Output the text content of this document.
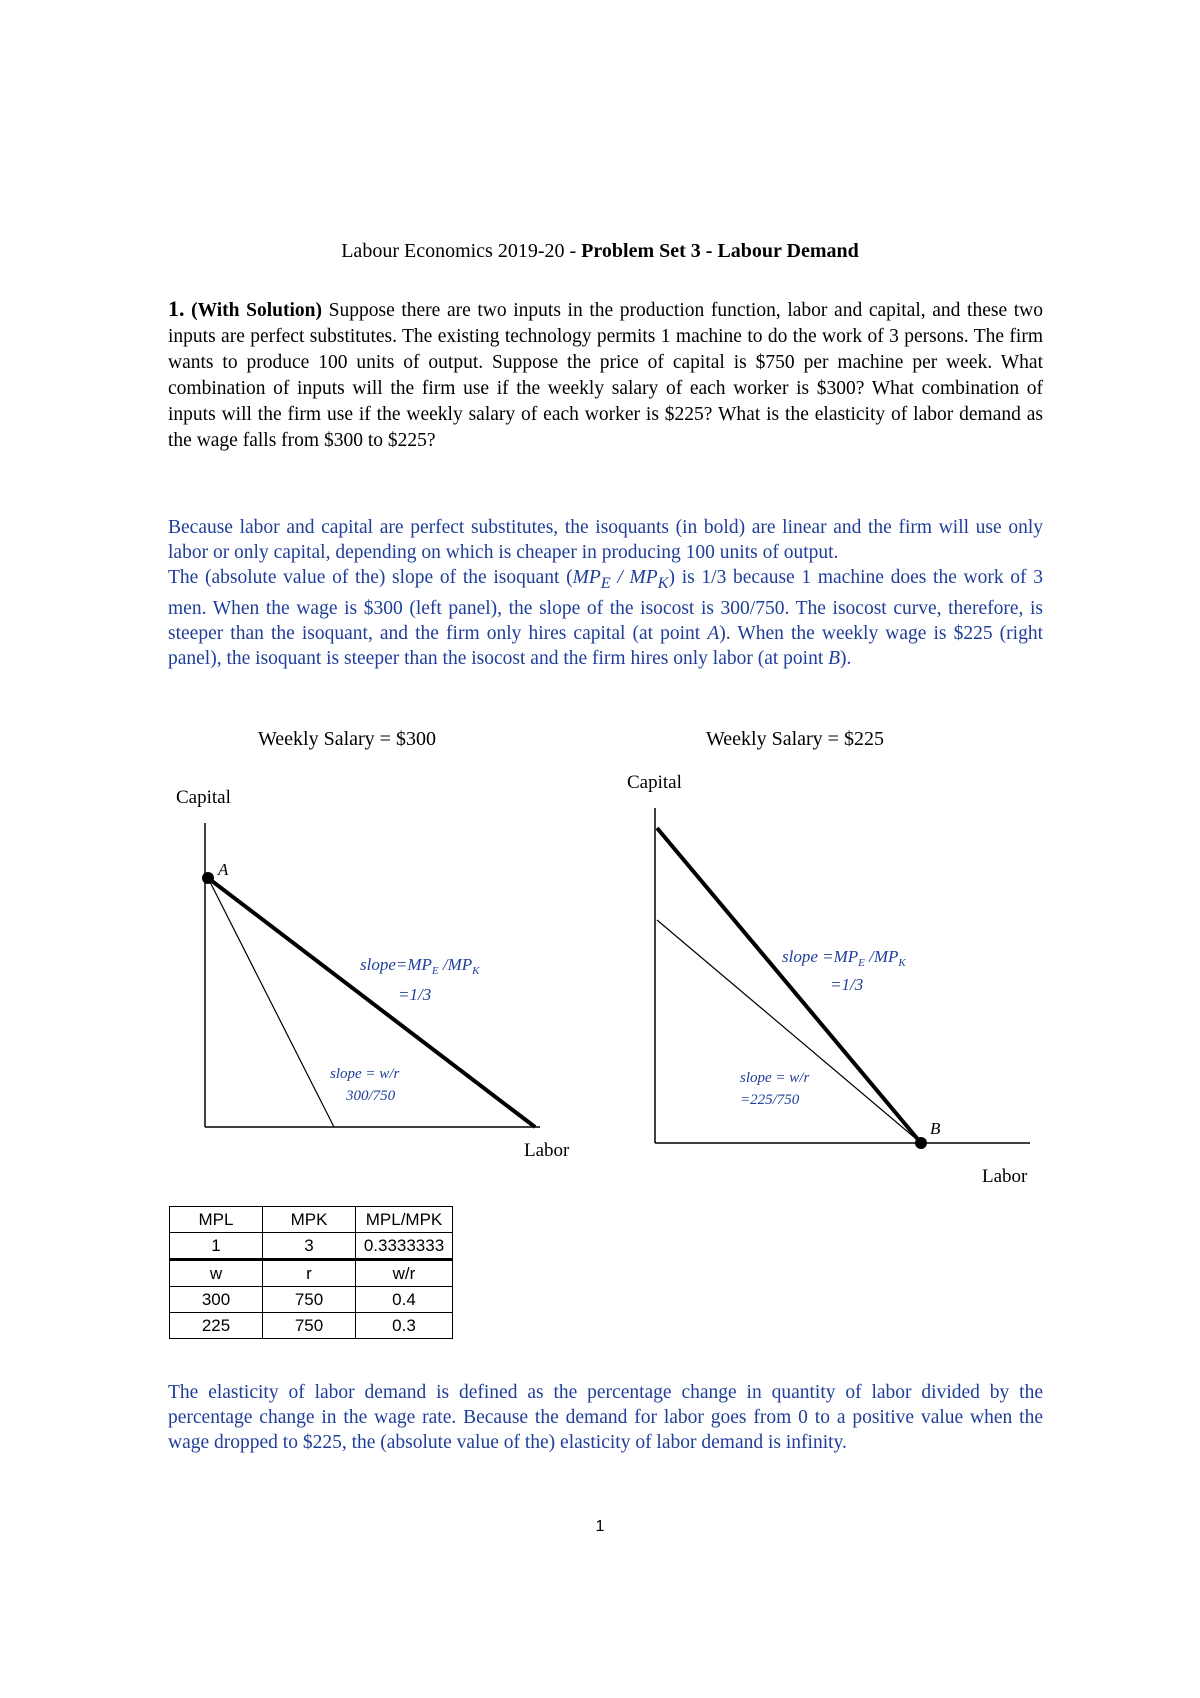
Labour Economics 2019-20 - Problem Set 3 - Labour Demand
1. (With Solution) Suppose there are two inputs in the production function, labor and capital, and these two inputs are perfect substitutes. The existing technology permits 1 machine to do the work of 3 persons. The firm wants to produce 100 units of output. Suppose the price of capital is $750 per machine per week. What combination of inputs will the firm use if the weekly salary of each worker is $300? What combination of inputs will the firm use if the weekly salary of each worker is $225? What is the elasticity of labor demand as the wage falls from $300 to $225?

Because labor and capital are perfect substitutes, the isoquants (in bold) are linear and the firm will use only labor or only capital, depending on which is cheaper in producing 100 units of output.

The (absolute value of the) slope of the isoquant $(MP_E / MP_K)$ is 1/3 because 1 machine does the work of 3 men. When the wage is $300 (left panel), the slope of the isocost is 300/750. The isocost curve, therefore, is steeper than the isoquant, and the firm only hires capital (at point A). When the weekly wage is $225 (right panel), the isoquant is steeper than the isocost and the firm hires only labor (at point B).

Weekly Salary = $300	Weekly Salary = $225
Capital
A
$slope=MP_E$ $/MP_K$
=1/3
slope = w/r
300/750
Labor
Capital
B
slope $=MP_E$ $/MP_K$
=1/3
slope = w/r
=225/750
Labor
MPL	MPK	MPL/MPK
1	3	0.3333333
w	r	w/r
300	750	0.4
225	750	0.3

The elasticity of labor demand is defined as the percentage change in quantity of labor divided by the percentage change in the wage rate. Because the demand for labor goes from 0 to a positive value when the wage dropped to $225, the (absolute value of the) elasticity of labor demand is infinity.

1
